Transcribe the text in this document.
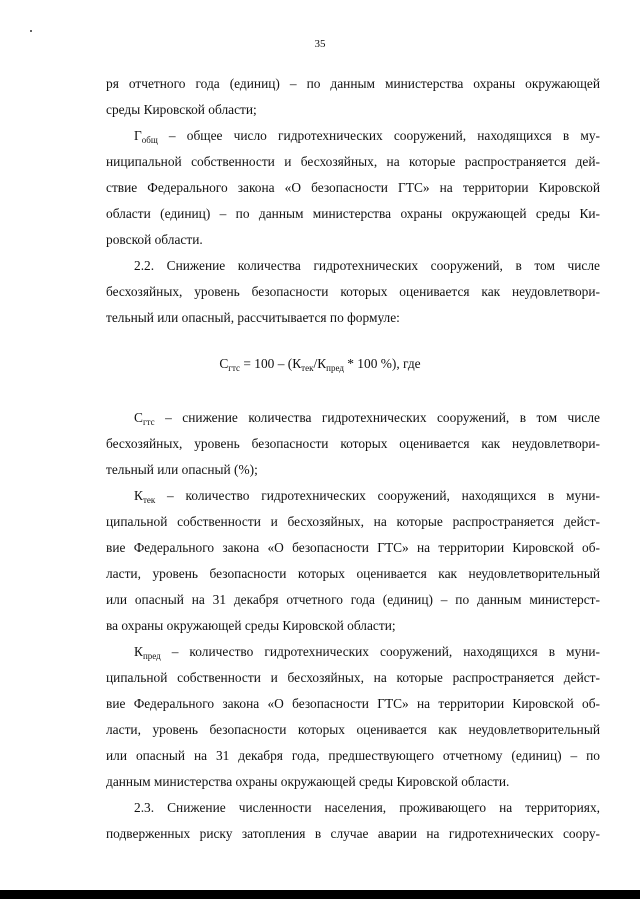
35
ря отчетного года (единиц) – по данным министерства охраны окружающей
среды Кировской области;
$Г_{общ}$ – общее число гидротехнических сооружений, находящихся в му-
ниципальной собственности и бесхозяйных, на которые распространяется дей-
ствие Федерального закона «О безопасности ГТС» на территории Кировской
области (единиц) – по данным министерства охраны окружающей среды Ки-
ровской области.
2.2. Снижение количества гидротехнических сооружений, в том числе
бесхозяйных, уровень безопасности которых оценивается как неудовлетвори-
тельный или опасный, рассчитывается по формуле:
$С_{гтс} = 100 - (К_{тек}/К_{пред} * 100$ %), где
$С_{гтс}$ – снижение количества гидротехнических сооружений, в том числе
бесхозяйных, уровень безопасности которых оценивается как неудовлетвори-
тельный или опасный (%);
$К_{тек}$ – количество гидротехнических сооружений, находящихся в муни-
ципальной собственности и бесхозяйных, на которые распространяется дейст-
вие Федерального закона «О безопасности ГТС» на территории Кировской об-
ласти, уровень безопасности которых оценивается как неудовлетворительный
или опасный на 31 декабря отчетного года (единиц) – по данным министерст-
ва охраны окружающей среды Кировской области;
$К_{пред}$ – количество гидротехнических сооружений, находящихся в муни-
ципальной собственности и бесхозяйных, на которые распространяется дейст-
вие Федерального закона «О безопасности ГТС» на территории Кировской об-
ласти, уровень безопасности которых оценивается как неудовлетворительный
или опасный на 31 декабря года, предшествующего отчетному (единиц) – по
данным министерства охраны окружающей среды Кировской области.
2.3. Снижение численности населения, проживающего на территориях,
подверженных риску затопления в случае аварии на гидротехнических соору-
